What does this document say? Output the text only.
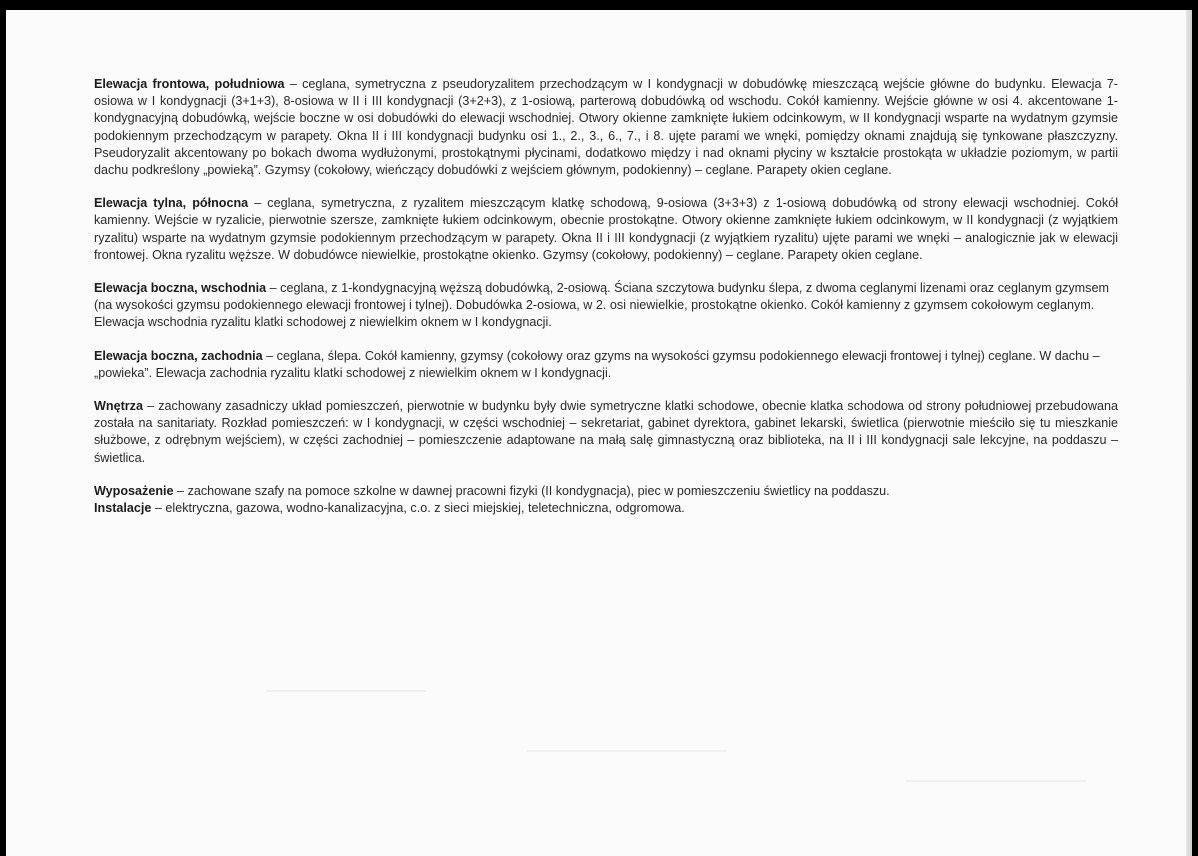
Elewacja frontowa, południowa – ceglana, symetryczna z pseudoryzalitem przechodzącym w I kondygnacji w dobudówkę mieszczącą wejście główne do budynku. Elewacja 7-osiowa w I kondygnacji (3+1+3), 8-osiowa w II i III kondygnacji (3+2+3), z 1-osiową, parterową dobudówką od wschodu. Cokół kamienny. Wejście główne w osi 4. akcentowane 1-kondygnacyjną dobudówką, wejście boczne w osi dobudówki do elewacji wschodniej. Otwory okienne zamknięte łukiem odcinkowym, w II kondygnacji wsparte na wydatnym gzymsie podokiennym przechodzącym w parapety. Okna II i III kondygnacji budynku osi 1., 2., 3., 6., 7., i 8. ujęte parami we wnęki, pomiędzy oknami znajdują się tynkowane płaszczyzny. Pseudoryzalit akcentowany po bokach dwoma wydłużonymi, prostokątnymi płycinami, dodatkowo między i nad oknami płyciny w kształcie prostokąta w układzie poziomym, w partii dachu podkreślony „powieką”. Gzymsy (cokołowy, wieńczący dobudówki z wejściem głównym, podokienny) – ceglane. Parapety okien ceglane.

Elewacja tylna, północna – ceglana, symetryczna, z ryzalitem mieszczącym klatkę schodową, 9-osiowa (3+3+3) z 1-osiową dobudówką od strony elewacji wschodniej. Cokół kamienny. Wejście w ryzalicie, pierwotnie szersze, zamknięte łukiem odcinkowym, obecnie prostokątne. Otwory okienne zamknięte łukiem odcinkowym, w II kondygnacji (z wyjątkiem ryzalitu) wsparte na wydatnym gzymsie podokiennym przechodzącym w parapety. Okna II i III kondygnacji (z wyjątkiem ryzalitu) ujęte parami we wnęki – analogicznie jak w elewacji frontowej. Okna ryzalitu węższe. W dobudówce niewielkie, prostokątne okienko. Gzymsy (cokołowy, podokienny) – ceglane. Parapety okien ceglane.

Elewacja boczna, wschodnia – ceglana, z 1-kondygnacyjną węższą dobudówką, 2-osiową. Ściana szczytowa budynku ślepa, z dwoma ceglanymi lizenami oraz ceglanym gzymsem (na wysokości gzymsu podokiennego elewacji frontowej i tylnej). Dobudówka 2-osiowa, w 2. osi niewielkie, prostokątne okienko. Cokół kamienny z gzymsem cokołowym ceglanym. Elewacja wschodnia ryzalitu klatki schodowej z niewielkim oknem w I kondygnacji.

Elewacja boczna, zachodnia – ceglana, ślepa. Cokół kamienny, gzymsy (cokołowy oraz gzyms na wysokości gzymsu podokiennego elewacji frontowej i tylnej) ceglane. W dachu – „powieka”. Elewacja zachodnia ryzalitu klatki schodowej z niewielkim oknem w I kondygnacji.

Wnętrza – zachowany zasadniczy układ pomieszczeń, pierwotnie w budynku były dwie symetryczne klatki schodowe, obecnie klatka schodowa od strony południowej przebudowana została na sanitariaty. Rozkład pomieszczeń: w I kondygnacji, w części wschodniej – sekretariat, gabinet dyrektora, gabinet lekarski, świetlica (pierwotnie mieściło się tu mieszkanie służbowe, z odrębnym wejściem), w części zachodniej – pomieszczenie adaptowane na małą salę gimnastyczną oraz biblioteka, na II i III kondygnacji sale lekcyjne, na poddaszu – świetlica.

Wyposażenie – zachowane szafy na pomoce szkolne w dawnej pracowni fizyki (II kondygnacja), piec w pomieszczeniu świetlicy na poddaszu.

Instalacje – elektryczna, gazowa, wodno-kanalizacyjna, c.o. z sieci miejskiej, teletechniczna, odgromowa.
